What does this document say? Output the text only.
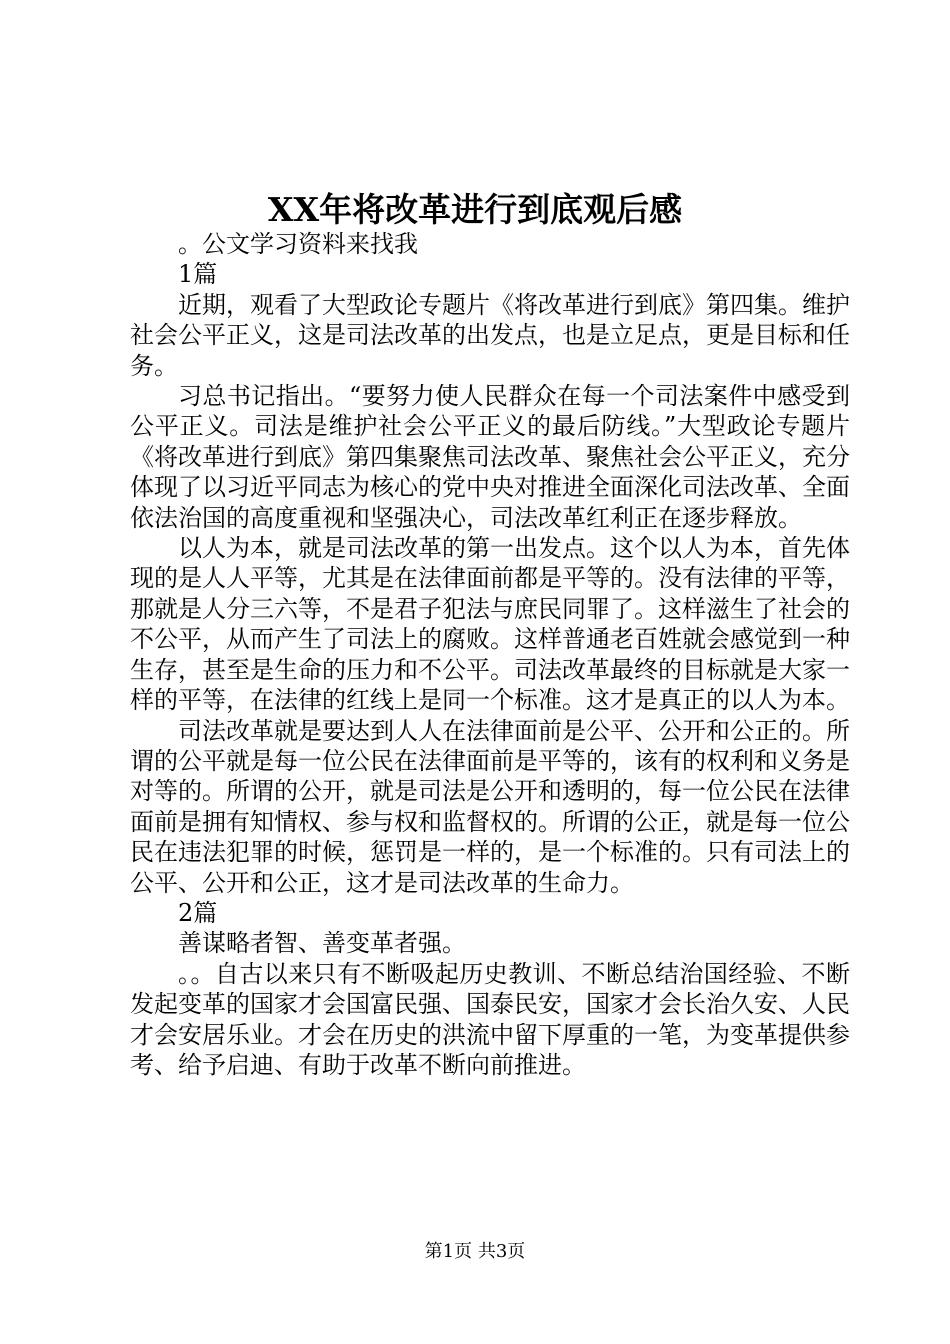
XX年将改革进行到底观后感

。公文学习资料来找我

1篇

近期，观看了大型政论专题片《将改革进行到底》第四集。维护社会公平正义，这是司法改革的出发点，也是立足点，更是目标和任务。

习总书记指出。“要努力使人民群众在每一个司法案件中感受到公平正义。司法是维护社会公平正义的最后防线。”大型政论专题片《将改革进行到底》第四集聚焦司法改革、聚焦社会公平正义，充分体现了以习近平同志为核心的党中央对推进全面深化司法改革、全面依法治国的高度重视和坚强决心，司法改革红利正在逐步释放。

以人为本，就是司法改革的第一出发点。这个以人为本，首先体现的是人人平等，尤其是在法律面前都是平等的。没有法律的平等，那就是人分三六等，不是君子犯法与庶民同罪了。这样滋生了社会的不公平，从而产生了司法上的腐败。这样普通老百姓就会感觉到一种生存，甚至是生命的压力和不公平。司法改革最终的目标就是大家一样的平等，在法律的红线上是同一个标准。这才是真正的以人为本。

司法改革就是要达到人人在法律面前是公平、公开和公正的。所谓的公平就是每一位公民在法律面前是平等的，该有的权利和义务是对等的。所谓的公开，就是司法是公开和透明的，每一位公民在法律面前是拥有知情权、参与权和监督权的。所谓的公正，就是每一位公民在违法犯罪的时候，惩罚是一样的，是一个标准的。只有司法上的公平、公开和公正，这才是司法改革的生命力。

2篇

善谋略者智、善变革者强。

。。自古以来只有不断吸起历史教训、不断总结治国经验、不断发起变革的国家才会国富民强、国泰民安，国家才会长治久安、人民才会安居乐业。才会在历史的洪流中留下厚重的一笔，为变革提供参考、给予启迪、有助于改革不断向前推进。

第1页 共3页
